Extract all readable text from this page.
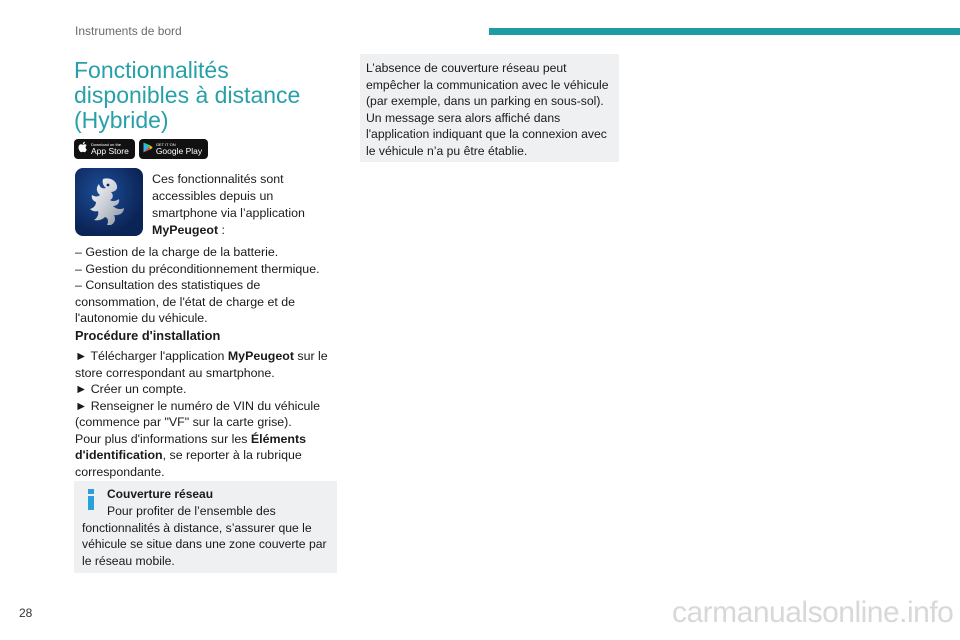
Instruments de bord
Fonctionnalités disponibles à distance (Hybride)
Download on the
App Store
GET IT ON
Google Play

Ces fonctionnalités sont accessibles depuis un smartphone via l’application MyPeugeot :

– Gestion de la charge de la batterie.

– Gestion du préconditionnement thermique.

– Consultation des statistiques de consommation, de l'état de charge et de l'autonomie du véhicule.

Procédure d'installation

► Télécharger l'application MyPeugeot sur le store correspondant au smartphone.

► Créer un compte.

► Renseigner le numéro de VIN du véhicule (commence par "VF" sur la carte grise).

Pour plus d'informations sur les Éléments d'identification, se reporter à la rubrique correspondante.

Couverture réseau

Pour profiter de l’ensemble des fonctionnalités à distance, s’assurer que le véhicule se situe dans une zone couverte par le réseau mobile.

L’absence de couverture réseau peut empêcher la communication avec le véhicule (par exemple, dans un parking en sous-sol). Un message sera alors affiché dans l'application indiquant que la connexion avec le véhicule n’a pu être établie.

28	carmanualsonline.info
